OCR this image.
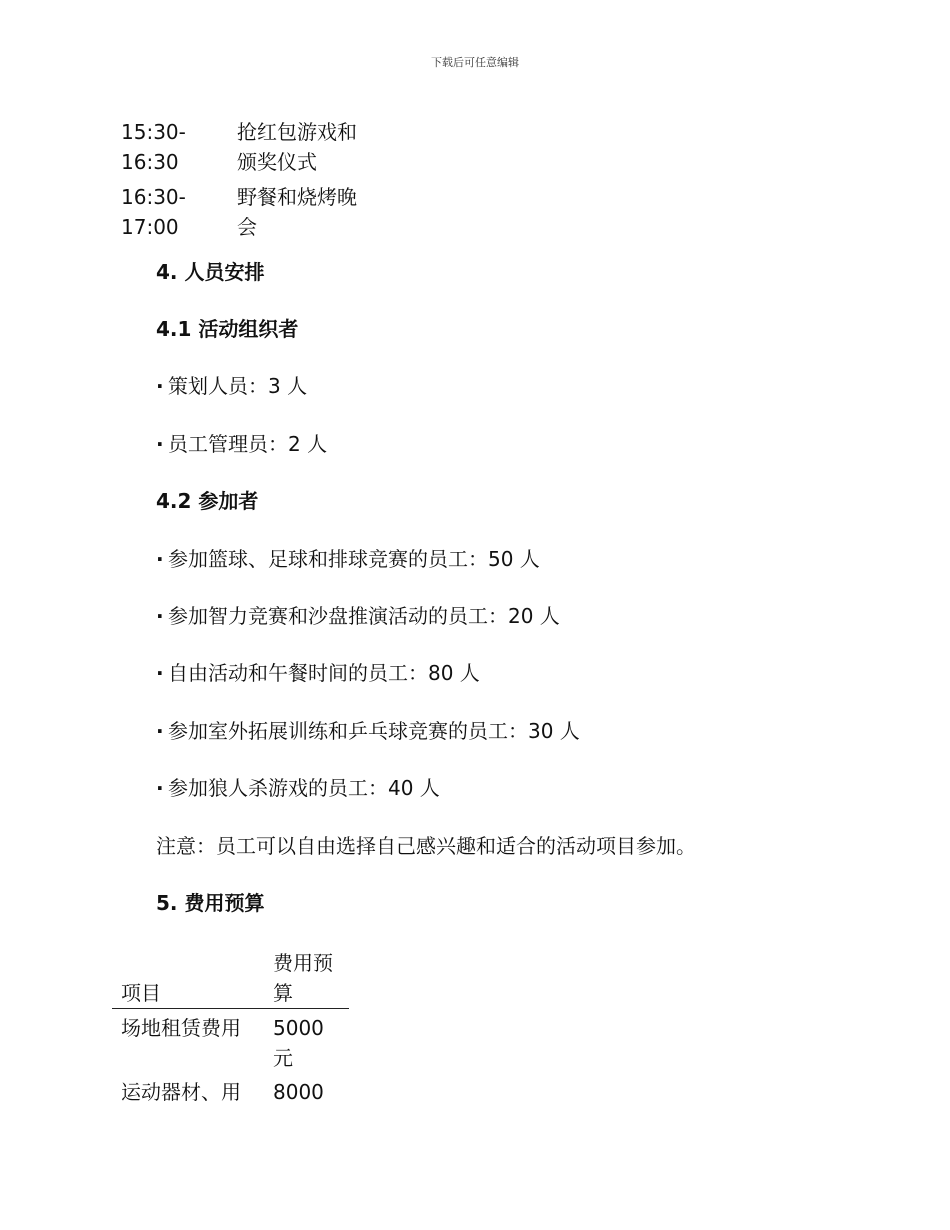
下载后可任意编辑
15:30-
16:30	抢红包游戏和
颁奖仪式

16:30-
17:00	野餐和烧烤晚
会

4. 人员安排

4.1 活动组织者

· 策划人员：3 人

· 员工管理员：2 人

4.2 参加者

· 参加篮球、足球和排球竞赛的员工：50 人

· 参加智力竞赛和沙盘推演活动的员工：20 人

· 自由活动和午餐时间的员工：80 人

· 参加室外拓展训练和乒乓球竞赛的员工：30 人

· 参加狼人杀游戏的员工：40 人

注意：员工可以自由选择自己感兴趣和适合的活动项目参加。

5. 费用预算

项目	费用预
算

场地租赁费用	5000
元

运动器材、用	8000
